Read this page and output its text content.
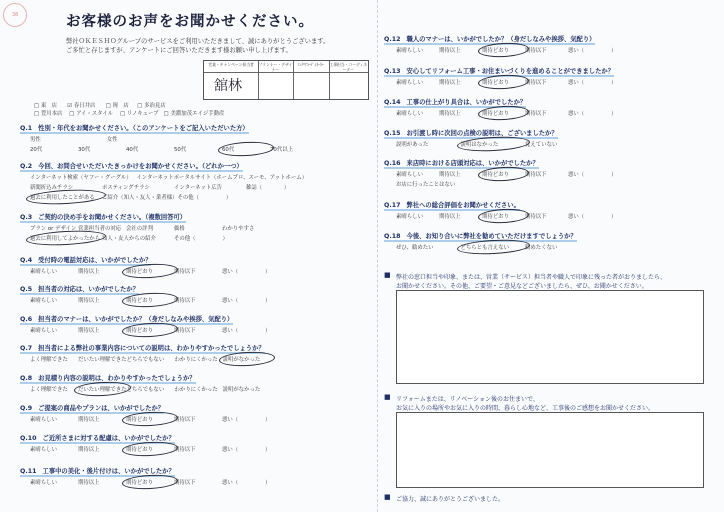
38	お客様のお声をお聞かせください。
弊社ＯＫＥＳＨＯグループのサービスをご利用いただきまして、誠にありがとうございます。
ご多忙と存じますが、アンケートにご回答いただきます様お願い申し上げます。
営業・キャンペーン担当者	プランナー・デザイナー
ｲﾝﾃﾘｱｺｰﾃﾞｨﾈｰﾀｰ	工事担当・コーディネーター
舘林
□ 東　店 ☑ 春日井店 □ 岡　店 □ 多治見店
□ 豊川本店 □ アイ・スタイル □ リノキューブ □ 美濃加茂エイジ手動産
Q.1 性別・年代をお聞かせください。（このアンケートをご記入いただいた方）
男性	女性
20代	30代	40代	50代	60代	70代以上
Q.2 今回、お問合せいただいたきっかけをお聞かせください。（どれか一つ）
インターネット検索（ヤフー・グーグル） インターネットポータルサイト（ホームプロ、スーモ、アットホーム）
新聞折込みチラシ	ポスティングチラシ	インターネット広告	雑誌（　　　　）
過去に利用したことがある	ご紹介（知人・友人・業者様） その他（　　　　　）
Q.3 ご契約の決め手をお聞かせください。（複数回答可）
プラン or デザイン 営業担当者の対応 会社の評判	価格	わかりやすさ
過去に利用してよかったから 知人・友人からの紹介	その他（　　　　　）
Q.4 受付時の電話対応は、いかがでしたか？
素晴らしい	期待以上	期待どおり	期待以下	悪い（　　　　　）
Q.5 担当者の対応は、いかがでしたか？
素晴らしい	期待以上	期待どおり	期待以下	悪い（　　　　　）
Q.6 担当者のマナーは、いかがでしたか？（身だしなみや挨拶、気配り）
素晴らしい	期待以上	期待どおり	期待以下	悪い（　　　　　）
Q.7 担当者による弊社の事業内容についての説明は、わかりやすかったでしょうか？
よく理解できた	だいたい理解できた どちらでもない	わかりにくかった 説明がなかった
Q.8 お見積り内容の説明は、わかりやすかったでしょうか？
よく理解できた	だいたい理解できた どちらでもない	わかりにくかった 説明がなかった
Q.9 ご提案の商品やプランは、いかがでしたか？
素晴らしい	期待以上	期待どおり	期待以下	悪い（　　　　　）
Q.10 ご近所さまに対する配慮は、いかがでしたか？
素晴らしい	期待以上	期待どおり	期待以下	悪い（　　　　　）
Q.11 工事中の美化・後片付けは、いかがでしたか？
素晴らしい	期待以上	期待どおり	期待以下	悪い（　　　　　）
Q.12 職人のマナーは、いかがでしたか？（身だしなみや挨拶、気配り）
素晴らしい	期待以上	期待どおり	期待以下	悪い（　　　　　）
Q.13 安心してリフォーム工事・お住まいづくりを進めることができましたか？
素晴らしい	期待以上	期待どおり	期待以下	悪い（　　　　　）
Q.14 工事の仕上がり具合は、いかがでしたか？
素晴らしい	期待以上	期待どおり	期待以下	悪い（　　　　　）
Q.15 お引渡し時に次回の点検の説明は、ございましたか？
説明があった	説明はなかった	覚えていない
Q.16 来店時における店頭対応は、いかがでしたか？
素晴らしい	期待以上	期待どおり	期待以下	悪い（　　　　　）
お店に行ったことはない
Q.17 弊社への総合評価をお聞かせください。
素晴らしい	期待以上	期待どおり	期待以下	悪い（　　　　　）
Q.18 今後、お知り合いに弊社を勧めていただけますでしょうか？
ぜひ、勧めたい	どちらとも言えない	勧めたくない
■ 弊社の窓口担当や印象、または、営業（サービス）担当者や職人で印象に残った者がおりましたら、
お聞かせください。その他、ご要望・ご意見などございましたら、ぜひ、お聞かせください。
■ リフォームまたは、リノベーション後のお住まいで、
お気に入りの場所やお気に入りの時間、暮らし心地など、工事後のご感想をお聞かせください。
■ ご協力、誠にありがとうございました。
